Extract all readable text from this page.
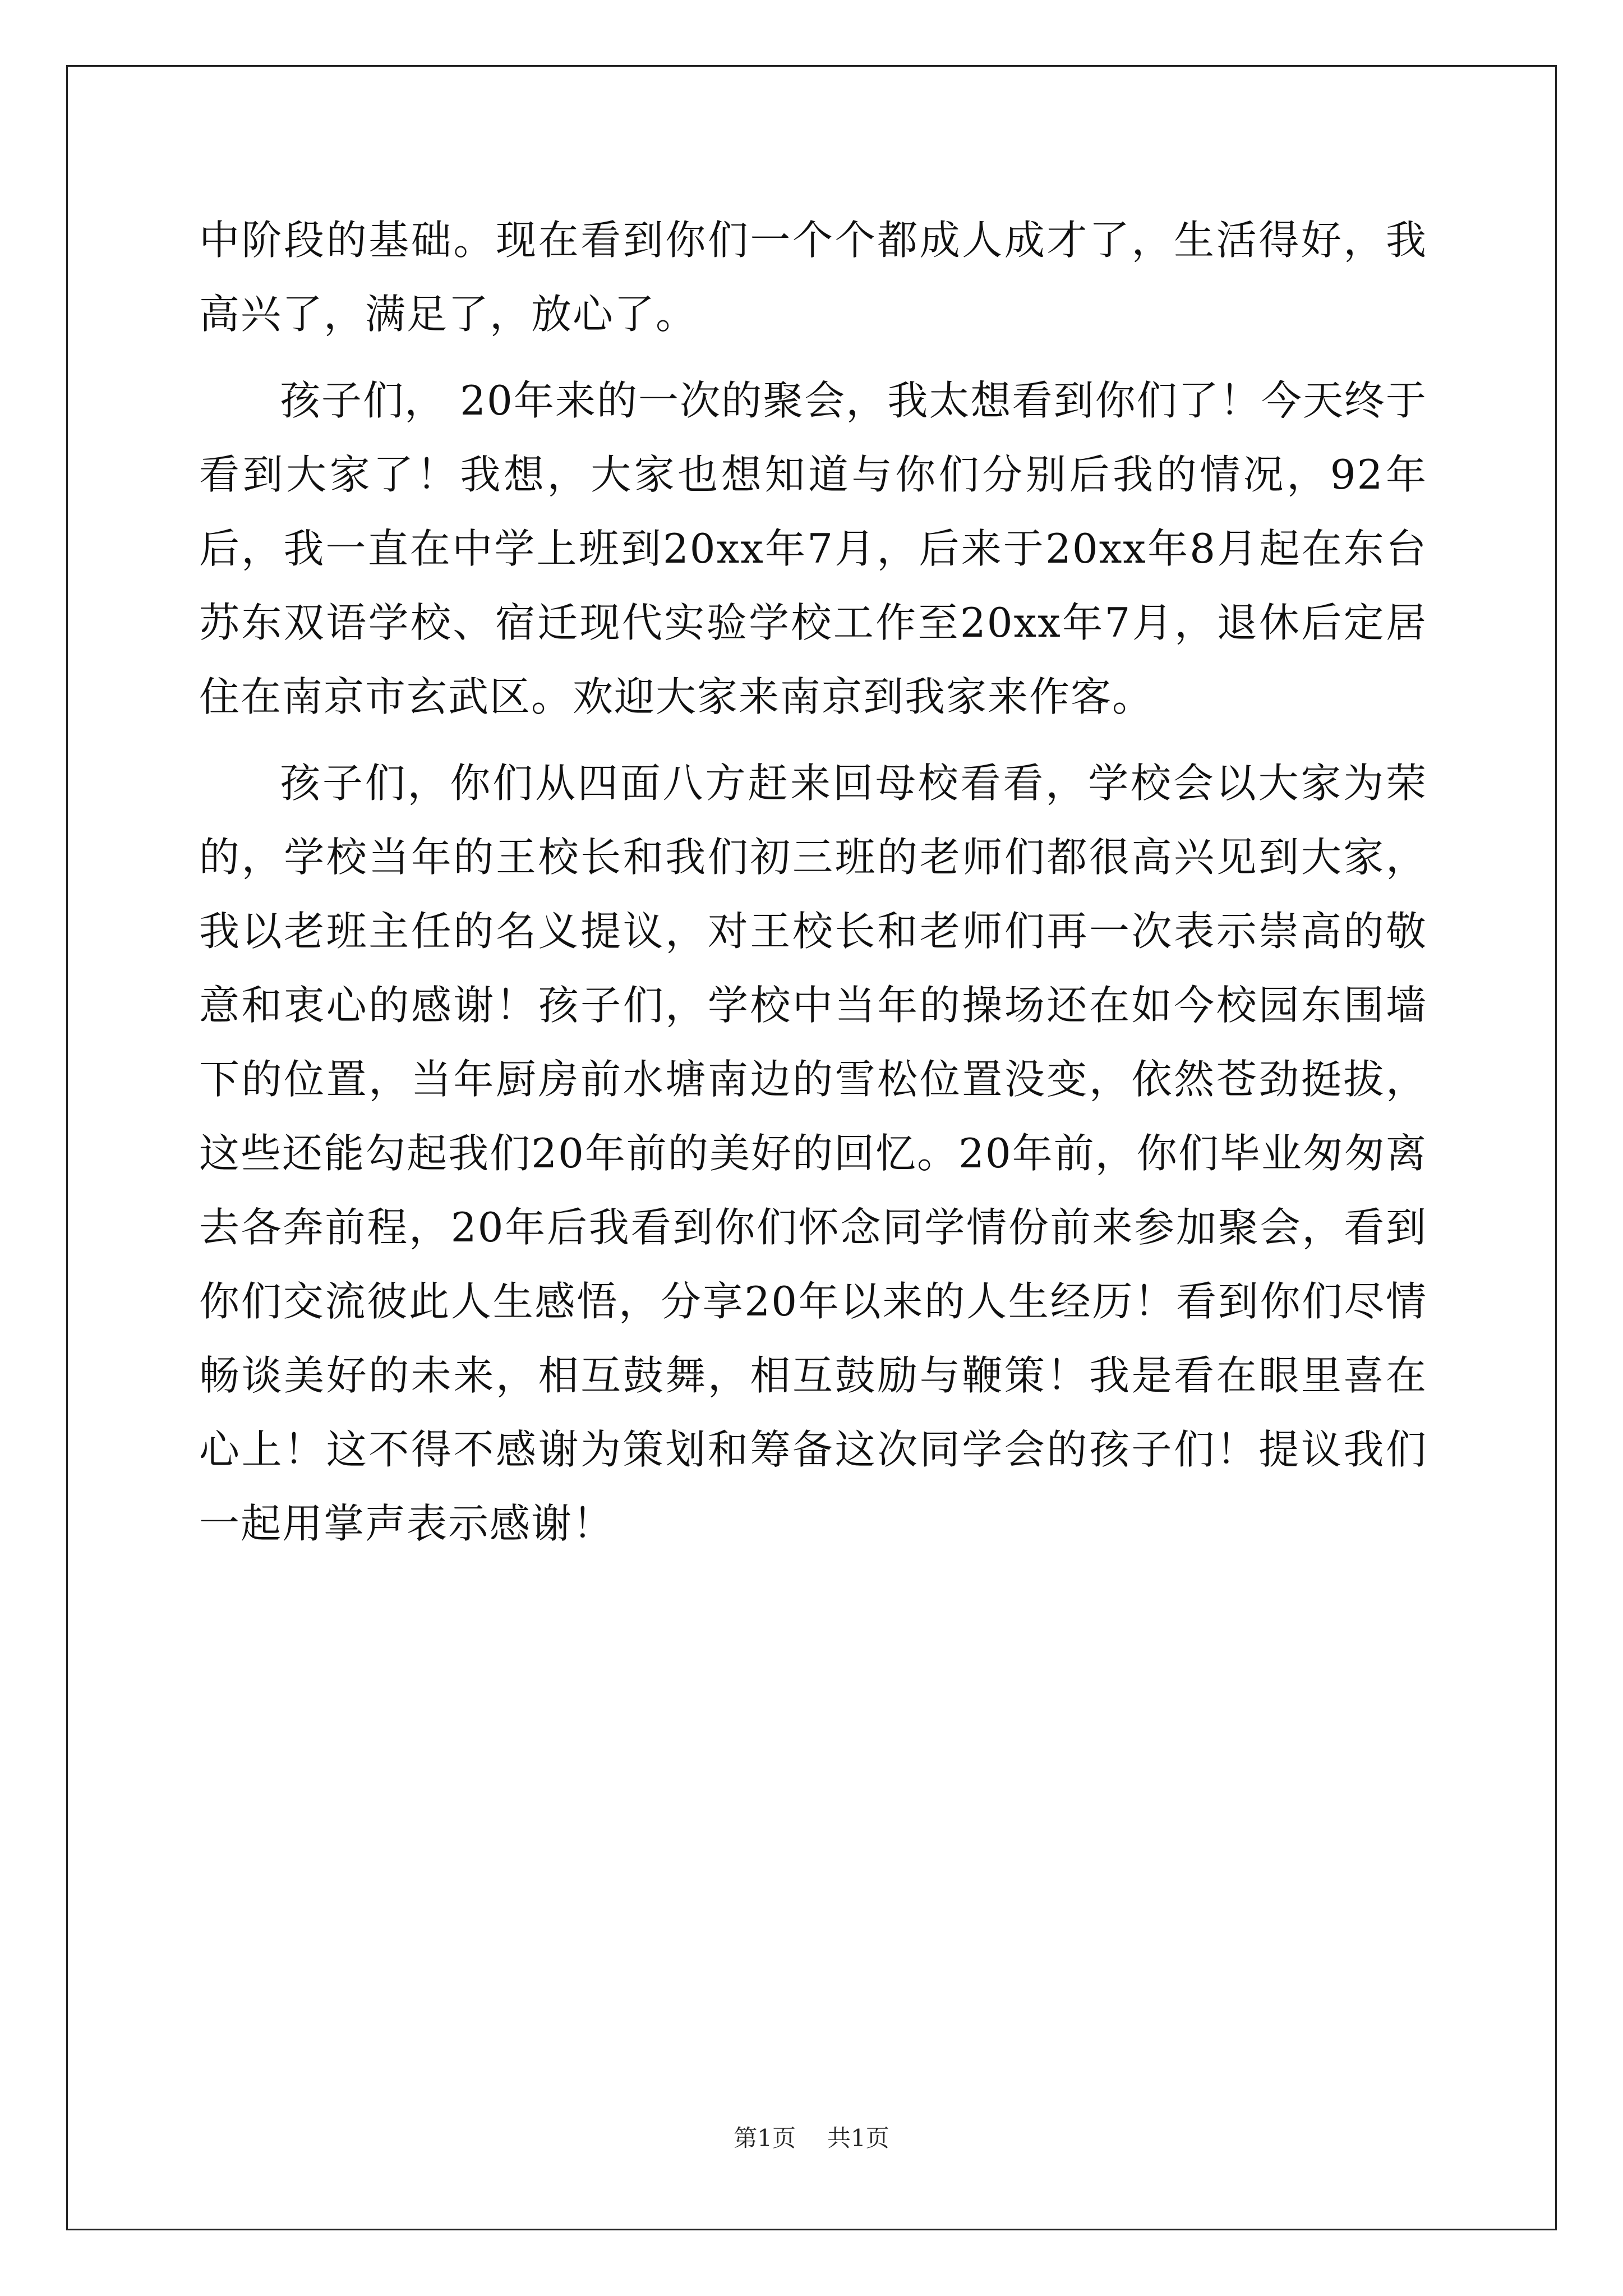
中阶段的基础。现在看到你们一个个都成人成才了，生活得好，我高兴了，满足了，放心了。

孩子们， 20年来的一次的聚会，我太想看到你们了！今天终于看到大家了！我想，大家也想知道与你们分别后我的情况，92年后，我一直在中学上班到20xx年7月，后来于20xx年8月起在东台苏东双语学校、宿迁现代实验学校工作至20xx年7月，退休后定居住在南京市玄武区。欢迎大家来南京到我家来作客。

孩子们，你们从四面八方赶来回母校看看，学校会以大家为荣的，学校当年的王校长和我们初三班的老师们都很高兴见到大家，我以老班主任的名义提议，对王校长和老师们再一次表示崇高的敬意和衷心的感谢！孩子们，学校中当年的操场还在如今校园东围墙下的位置，当年厨房前水塘南边的雪松位置没变，依然苍劲挺拔，这些还能勾起我们20年前的美好的回忆。20年前，你们毕业匆匆离去各奔前程，20年后我看到你们怀念同学情份前来参加聚会，看到你们交流彼此人生感悟，分享20年以来的人生经历！看到你们尽情畅谈美好的未来，相互鼓舞，相互鼓励与鞭策！我是看在眼里喜在心上！这不得不感谢为策划和筹备这次同学会的孩子们！提议我们一起用掌声表示感谢！

第1页 共1页
